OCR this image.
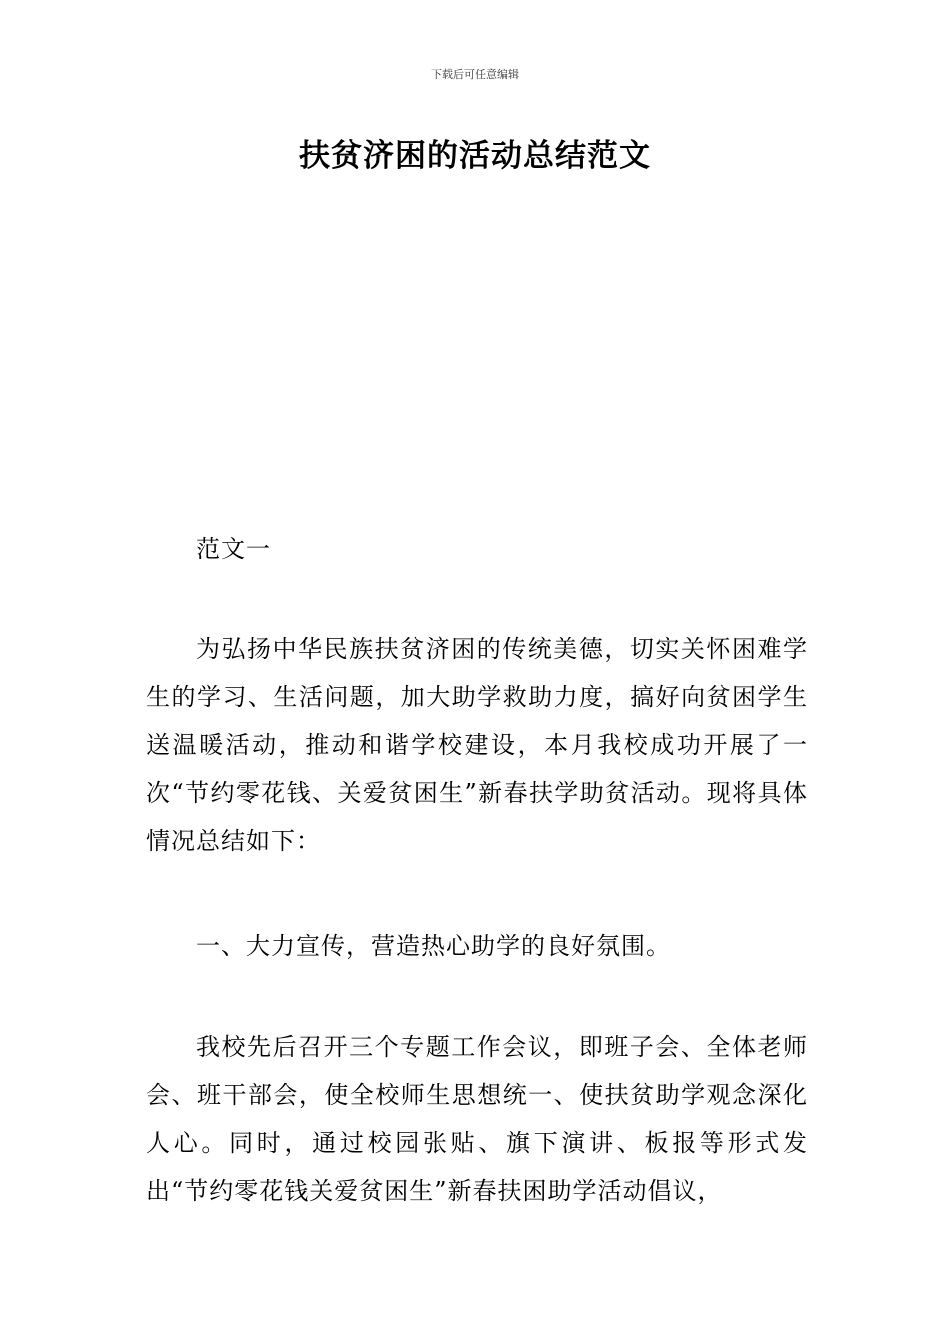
下载后可任意编辑
扶贫济困的活动总结范文

范文一

为弘扬中华民族扶贫济困的传统美德，切实关怀困难学生的学习、生活问题，加大助学救助力度，搞好向贫困学生送温暖活动，推动和谐学校建设，本月我校成功开展了一次“节约零花钱、关爱贫困生”新春扶学助贫活动。现将具体情况总结如下：

一、大力宣传，营造热心助学的良好氛围。

我校先后召开三个专题工作会议，即班子会、全体老师会、班干部会，使全校师生思想统一、使扶贫助学观念深化人心。同时，通过校园张贴、旗下演讲、板报等形式发出“节约零花钱关爱贫困生”新春扶困助学活动倡议，
